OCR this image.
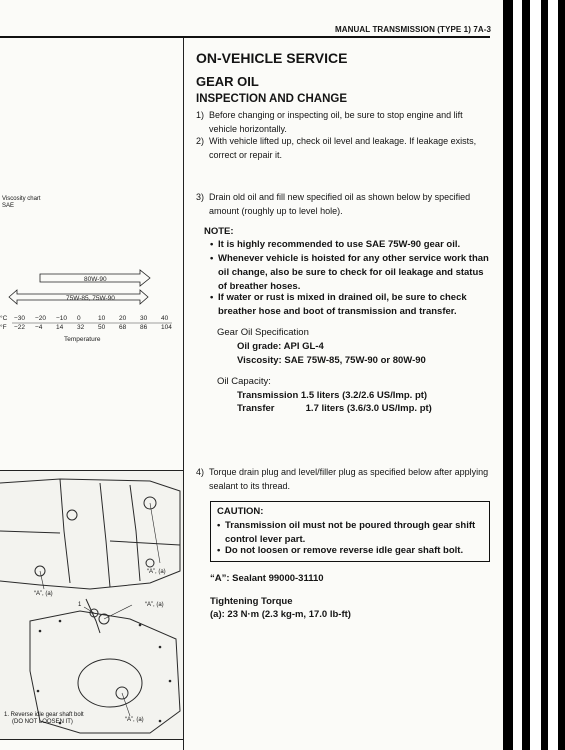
MANUAL TRANSMISSION (TYPE 1) 7A-3
ON-VEHICLE SERVICE
GEAR OIL
INSPECTION AND CHANGE
1) Before changing or inspecting oil, be sure to stop engine and lift vehicle horizontally.
2) With vehicle lifted up, check oil level and leakage. If leakage exists, correct or repair it.
3) Drain old oil and fill new specified oil as shown below by specified amount (roughly up to level hole).
NOTE:
• It is highly recommended to use SAE 75W-90 gear oil.
• Whenever vehicle is hoisted for any other service work than oil change, also be sure to check for oil leakage and status of breather hoses.
• If water or rust is mixed in drained oil, be sure to check breather hose and boot of transmission and transfer.
Gear Oil Specification
Oil grade: API GL-4
Viscosity: SAE 75W-85, 75W-90 or 80W-90
Oil Capacity:
Transmission 1.5 liters (3.2/2.6 US/Imp. pt)
Transfer	1.7 liters (3.6/3.0 US/Imp. pt)
4) Torque drain plug and level/filler plug as specified below after applying sealant to its thread.
CAUTION:
• Transmission oil must not be poured through gear shift control lever part.
• Do not loosen or remove reverse idle gear shaft bolt.
“A”: Sealant 99000-31110
Tightening Torque
(a): 23 N·m (2.3 kg-m, 17.0 lb-ft)
Viscosity chart
SAE
80W-90
75W-85, 75W-90
°C
°F
−30 −20 −10 0	10 20 30 40
−22 −4 14 32 50 68 86 104
Temperature
“A”, (a)
“A”, (a)
“A”, (a)
1
“A”, (a)
1. Reverse idle gear shaft bolt
(DO NOT LOOSEN IT)
